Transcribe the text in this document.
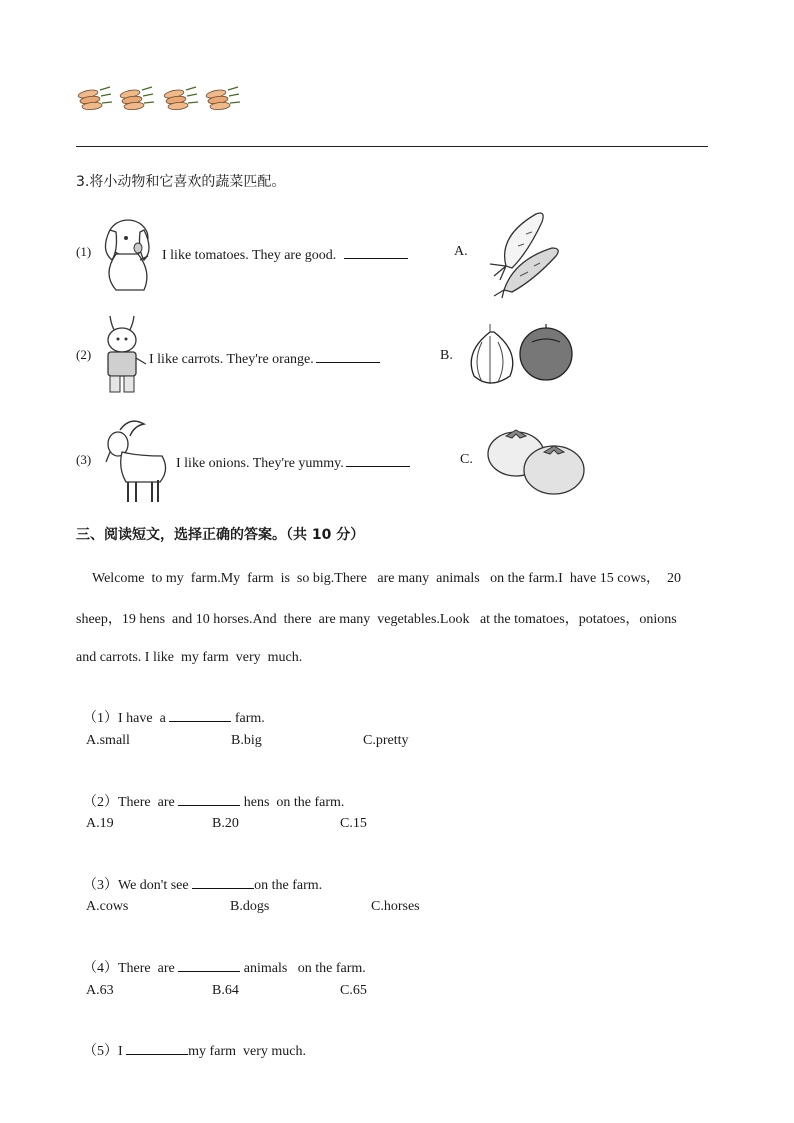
3.将小动物和它喜欢的蔬菜匹配。
(1)	I like tomatoes. They are good.	A.
(2)	I like carrots. They're orange.	B.
(3)	I like onions. They're yummy.	C.
三、阅读短文，选择正确的答案。（共 10 分）
Welcome  to my  farm.My  farm  is  so big.There   are many  animals   on the farm.I  have 15 cows，  20
sheep，19 hens  and 10 horses.And  there  are many  vegetables.Look   at the tomatoes，potatoes，onions
and carrots. I like  my farm  very  much.

（1）I have  a	farm.

A.small	B.big	C.pretty

（2）There  are	hens  on the farm.

A.19	B.20	C.15

（3）We don't see	on the farm.

A.cows	B.dogs	C.horses

（4）There  are	animals   on the farm.

A.63	B.64	C.65

（5）I	my farm  very much.
